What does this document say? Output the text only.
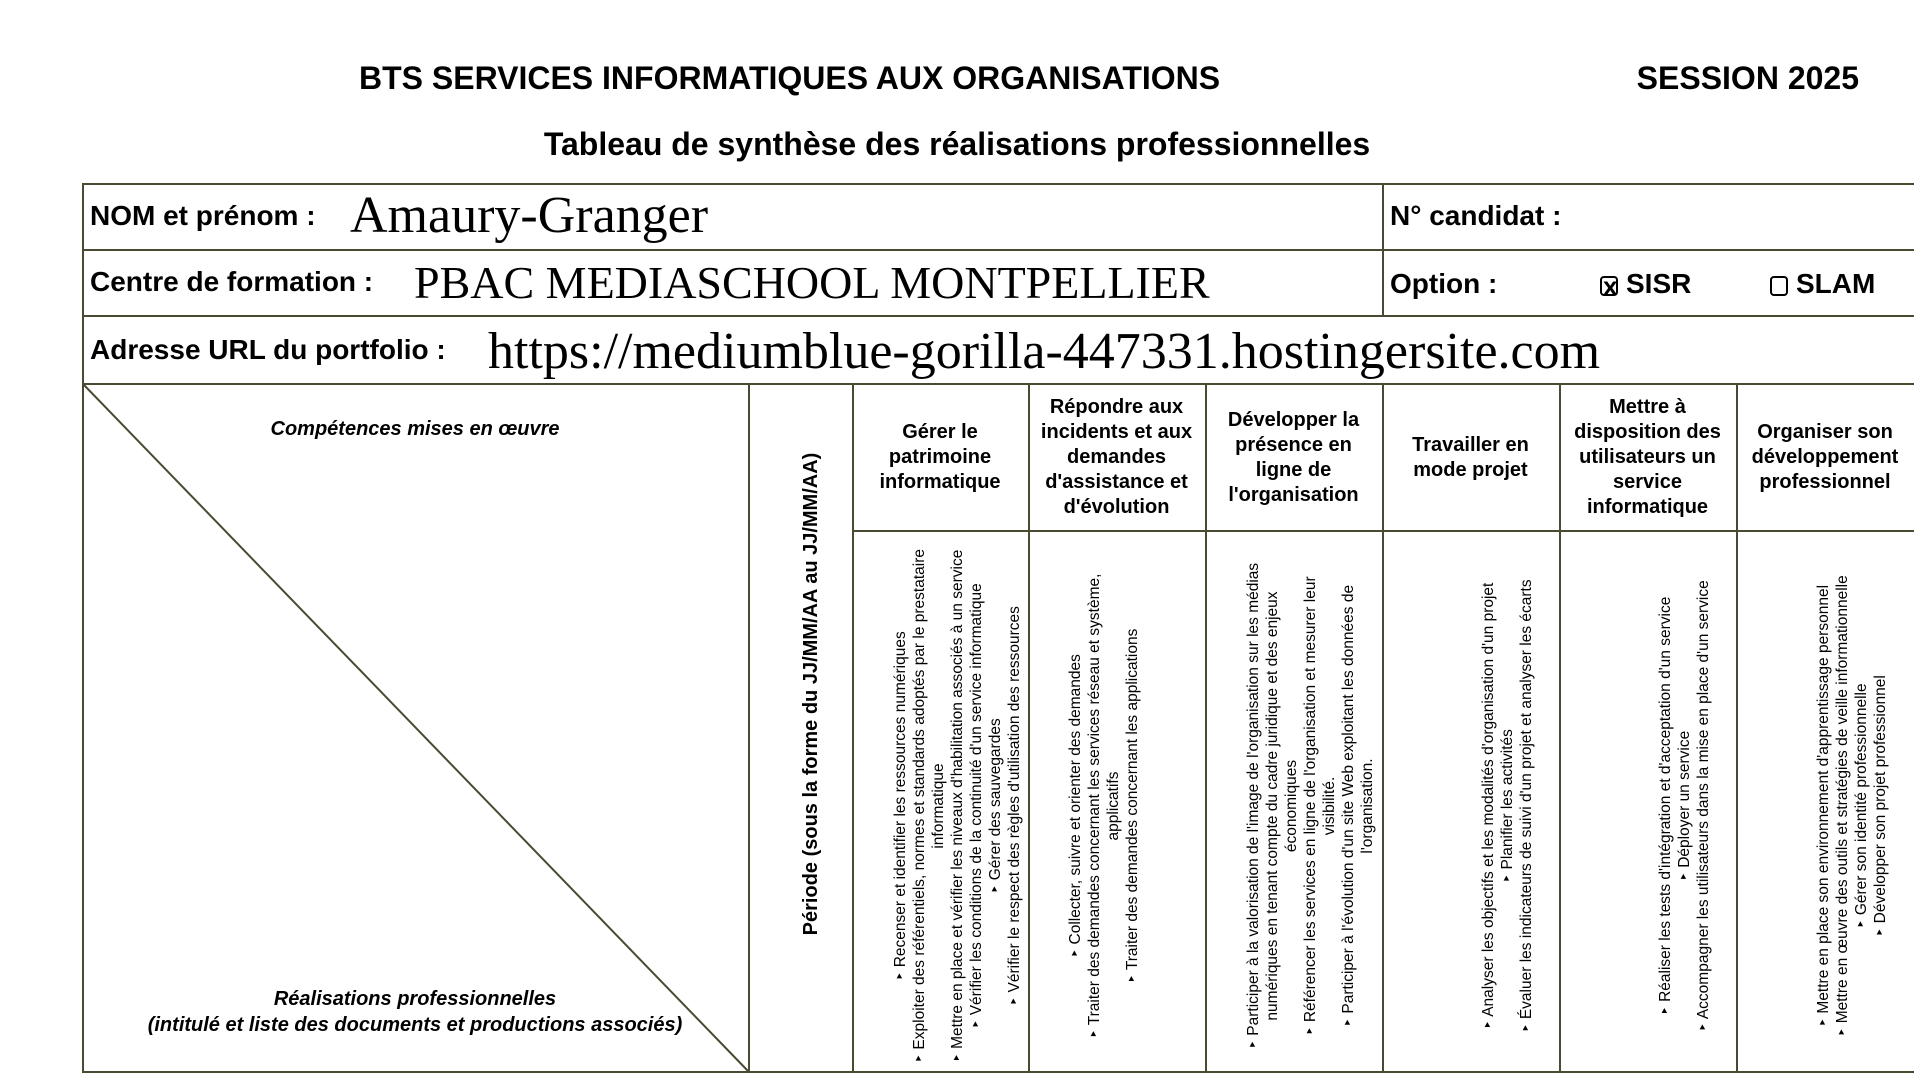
BTS SERVICES INFORMATIQUES AUX ORGANISATIONS	SESSION 2025
Tableau de synthèse des réalisations professionnelles
NOM et prénom : Amaury-Granger	N° candidat :
Centre de formation : PBAC MEDIASCHOOL MONTPELLIER	Option :
x	SISR	SLAM
Adresse URL du portfolio : https://mediumblue-gorilla-447331.hostingersite.com
Compétences mises en œuvre
Réalisations professionnelles
(intitulé et liste des documents et productions associés)
Période (sous la forme du JJ/MM/AA au JJ/MM/AA)
Gérer le patrimoine informatique
Répondre aux incidents et aux demandes d'assistance et d'évolution
Développer la présence en ligne de l'organisation
Travailler en mode projet
Mettre à disposition des utilisateurs un service informatique
Organiser son développement professionnel
‣ Recenser et identifier les ressources numériques ‣ Exploiter des référentiels, normes et standards adoptés par le prestataire informatique ‣ Mettre en place et vérifier les niveaux d'habilitation associés à un service ‣ Vérifier les conditions de la continuité d'un service informatique ‣ Gérer des sauvegardes ‣ Vérifier le respect des règles d'utilisation des ressources	‣ Collecter, suivre et orienter des demandes ‣ Traiter des demandes concernant les services réseau et système, applicatifs ‣ Traiter des demandes concernant les applications	‣ Participer à la valorisation de l'image de l'organisation sur les médias numériques en tenant compte du cadre juridique et des enjeux économiques ‣ Référencer les services en ligne de l'organisation et mesurer leur visibilité. ‣ Participer à l'évolution d'un site Web exploitant les données de l'organisation.	‣ Analyser les objectifs et les modalités d'organisation d'un projet ‣ Planifier les activités ‣ Évaluer les indicateurs de suivi d'un projet et analyser les écarts	‣ Réaliser les tests d'intégration et d'acceptation d'un service ‣ Déployer un service ‣ Accompagner les utilisateurs dans la mise en place d'un service	‣ Mettre en place son environnement d'apprentissage personnel ‣ Mettre en œuvre des outils et stratégies de veille informationnelle ‣ Gérer son identité professionnelle ‣ Développer son projet professionnel
